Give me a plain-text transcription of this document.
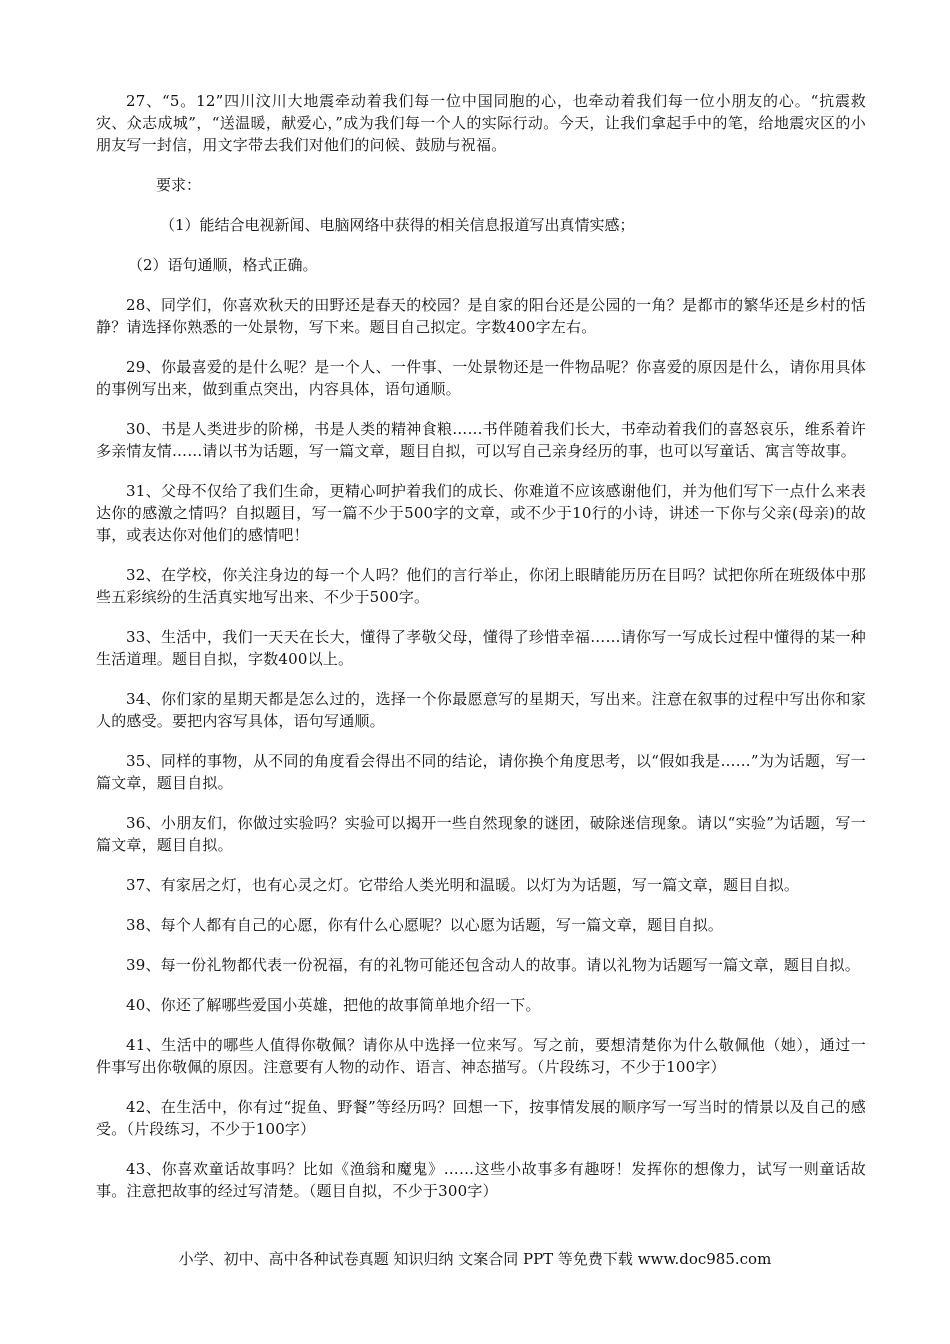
27、“5。12”四川汶川大地震牵动着我们每一位中国同胞的心，也牵动着我们每一位小朋友的心。“抗震救灾、众志成城”，“送温暖，献爱心，”成为我们每一个人的实际行动。今天，让我们拿起手中的笔，给地震灾区的小朋友写一封信，用文字带去我们对他们的问候、鼓励与祝福。

要求：

（1）能结合电视新闻、电脑网络中获得的相关信息报道写出真情实感；

（2）语句通顺，格式正确。

28、同学们，你喜欢秋天的田野还是春天的校园？是自家的阳台还是公园的一角？是都市的繁华还是乡村的恬静？请选择你熟悉的一处景物，写下来。题目自己拟定。字数400字左右。

29、你最喜爱的是什么呢？是一个人、一件事、一处景物还是一件物品呢？你喜爱的原因是什么，请你用具体的事例写出来，做到重点突出，内容具体，语句通顺。

30、书是人类进步的阶梯，书是人类的精神食粮……书伴随着我们长大，书牵动着我们的喜怒哀乐，维系着许多亲情友情……请以书为话题，写一篇文章，题目自拟，可以写自己亲身经历的事，也可以写童话、寓言等故事。

31、父母不仅给了我们生命，更精心呵护着我们的成长、你难道不应该感谢他们，并为他们写下一点什么来表达你的感激之情吗？自拟题目，写一篇不少于500字的文章，或不少于10行的小诗，讲述一下你与父亲(母亲)的故事，或表达你对他们的感情吧！

32、在学校，你关注身边的每一个人吗？他们的言行举止，你闭上眼睛能历历在目吗？试把你所在班级体中那些五彩缤纷的生活真实地写出来、不少于500字。

33、生活中，我们一天天在长大，懂得了孝敬父母，懂得了珍惜幸福……请你写一写成长过程中懂得的某一种生活道理。题目自拟，字数400以上。

34、你们家的星期天都是怎么过的，选择一个你最愿意写的星期天，写出来。注意在叙事的过程中写出你和家人的感受。要把内容写具体，语句写通顺。

35、同样的事物，从不同的角度看会得出不同的结论，请你换个角度思考，以“假如我是……”为为话题，写一篇文章，题目自拟。

36、小朋友们，你做过实验吗？实验可以揭开一些自然现象的谜团，破除迷信现象。请以“实验”为话题，写一篇文章，题目自拟。

37、有家居之灯，也有心灵之灯。它带给人类光明和温暖。以灯为为话题，写一篇文章，题目自拟。

38、每个人都有自己的心愿，你有什么心愿呢？以心愿为话题，写一篇文章，题目自拟。

39、每一份礼物都代表一份祝福，有的礼物可能还包含动人的故事。请以礼物为话题写一篇文章，题目自拟。

40、你还了解哪些爱国小英雄，把他的故事简单地介绍一下。

41、生活中的哪些人值得你敬佩？请你从中选择一位来写。写之前，要想清楚你为什么敬佩他（她），通过一件事写出你敬佩的原因。注意要有人物的动作、语言、神态描写。（片段练习，不少于100字）

42、在生活中，你有过“捉鱼、野餐”等经历吗？回想一下，按事情发展的顺序写一写当时的情景以及自己的感受。（片段练习，不少于100字）

43、你喜欢童话故事吗？比如《渔翁和魔鬼》……这些小故事多有趣呀！发挥你的想像力，试写一则童话故事。注意把故事的经过写清楚。（题目自拟，不少于300字）

小学、初中、高中各种试卷真题 知识归纳 文案合同 PPT 等免费下载 www.doc985.com
